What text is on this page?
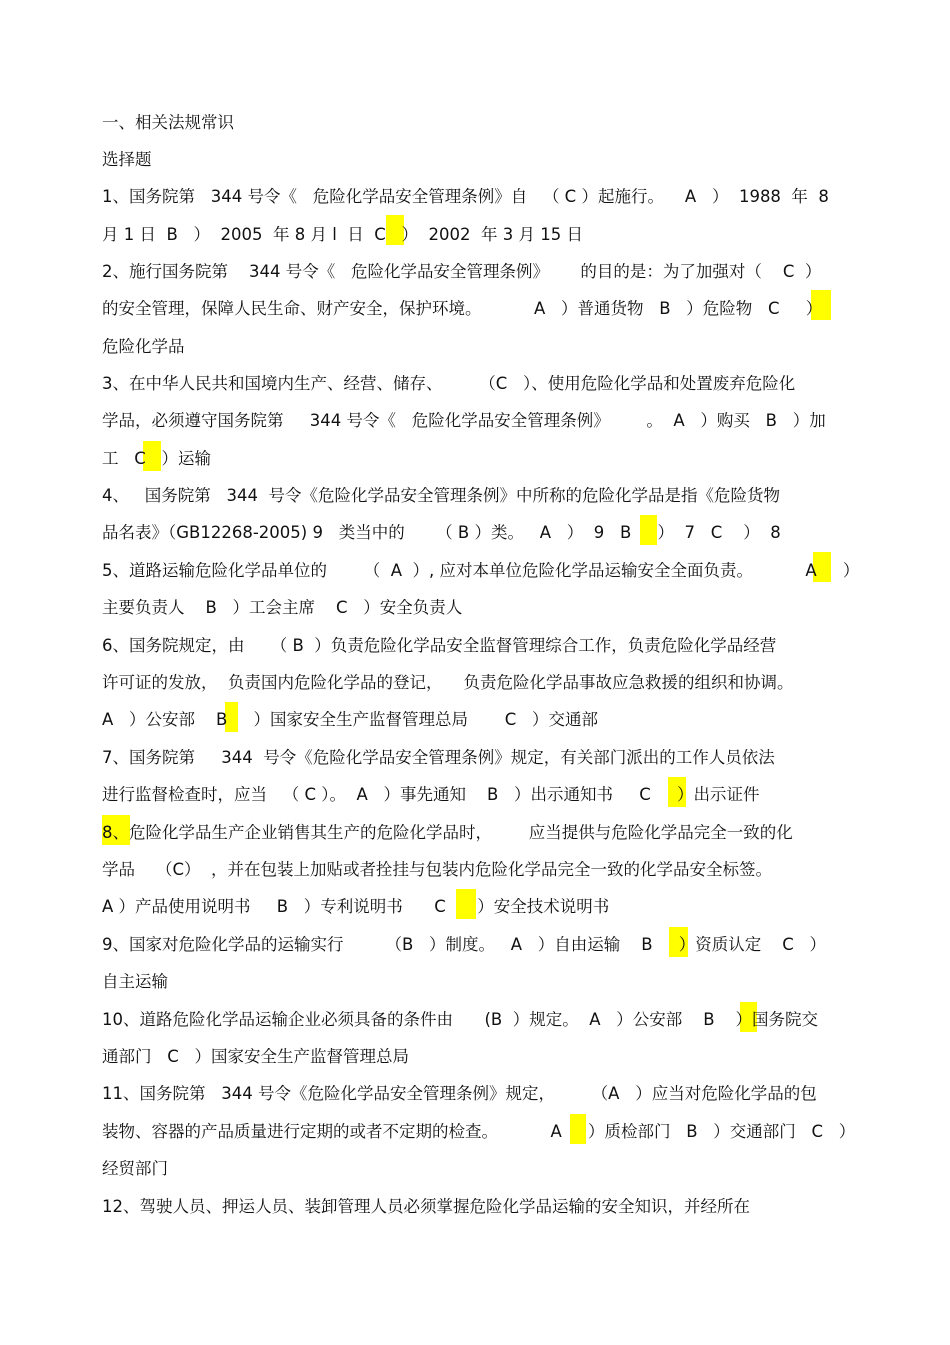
一、相关法规常识
选择题
1、国务院第   344 号令《   危险化学品安全管理条例》自   （ C ）起施行。    A   ）  1988  年  8
月 1 日  B   ）  2005  年 8 月 l  日  C   ）  2002  年 3 月 15 日
2、施行国务院第    344 号令《   危险化学品安全管理条例》      的目的是：为了加强对（    C  ）
的安全管理，保障人民生命、财产安全，保护环境。          A   ）普通货物   B   ）危险物   C     ）
危险化学品
3、在中华人民共和国境内生产、经营、储存、       （C   ）、使用危险化学品和处置废弃危险化
学品，必须遵守国务院第     344 号令《   危险化学品安全管理条例》       。  A   ）购买   B   ）加
工   C   ）运输
4、   国务院第   344  号令《危险化学品安全管理条例》中所称的危险化学品是指《危险货物
品名表》（GB12268-2005) 9   类当中的      （ B ）类。   A   ）  9   B     ）  7   C    ）  8
5、道路运输危险化学品单位的       （  A  ）, 应对本单位危险化学品运输安全全面负责。          A     ）
主要负责人    B   ）工会主席    C   ）安全负责人
6、国务院规定，由     （ B  ）负责危险化学品安全监督管理综合工作，负责危险化学品经营
许可证的发放，  负责国内危险化学品的登记，    负责危险化学品事故应急救援的组织和协调。
A   ）公安部    B     ）国家安全生产监督管理总局       C   ）交通部
7、国务院第     344  号令《危险化学品安全管理条例》规定，有关部门派出的工作人员依法
进行监督检查时，应当   （ C ）。  A   ）事先通知    B   ）出示通知书     C     ）出示证件
8、危险化学品生产企业销售其生产的危险化学品时，       应当提供与危险化学品完全一致的化
学品    （C）  ，并在包装上加贴或者拴挂与包装内危险化学品完全一致的化学品安全标签。
A ）产品使用说明书     B   ）专利说明书      C      ）安全技术说明书
9、国家对危险化学品的运输实行        （B   ）制度。   A   ）自由运输    B     ）资质认定    C   ）
自主运输
10、道路危险化学品运输企业必须具备的条件由      (B  ）规定。  A   ）公安部    B    ）国务院交
通部门   C   ）国家安全生产监督管理总局
11、国务院第   344 号令《危险化学品安全管理条例》规定，       （A   ）应当对危险化学品的包
装物、容器的产品质量进行定期的或者不定期的检查。          A     ）质检部门   B   ）交通部门   C   ）
经贸部门
12、驾驶人员、押运人员、装卸管理人员必须掌握危险化学品运输的安全知识，并经所在
